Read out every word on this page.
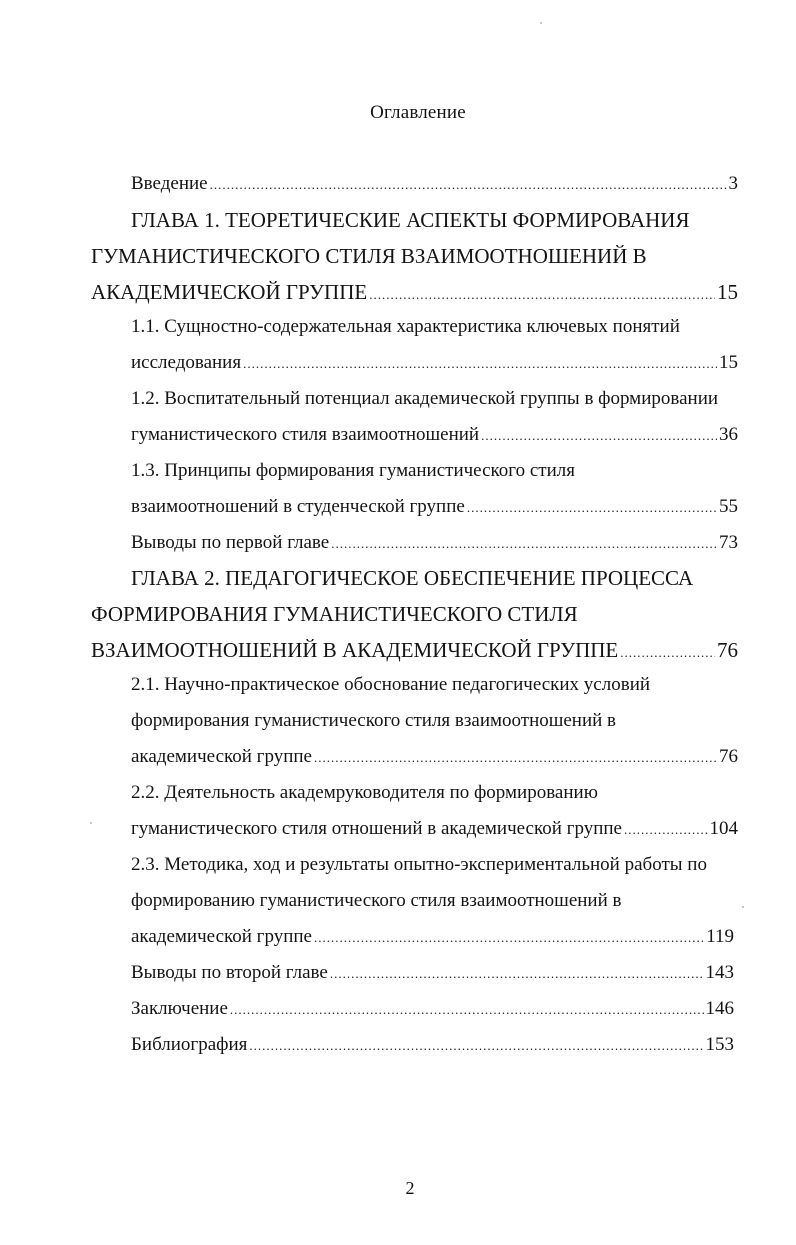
Оглавление
Введение .....	3
ГЛАВА 1. ТЕОРЕТИЧЕСКИЕ АСПЕКТЫ ФОРМИРОВАНИЯ
ГУМАНИСТИЧЕСКОГО СТИЛЯ ВЗАИМООТНОШЕНИЙ В
АКАДЕМИЧЕСКОЙ ГРУППЕ .....	15
1.1. Сущностно-содержательная характеристика ключевых понятий
исследования .....	15
1.2. Воспитательный потенциал академической группы в формировании
гуманистического стиля взаимоотношений .....	36
1.3. Принципы формирования гуманистического стиля
взаимоотношений в студенческой группе .....	55
Выводы по первой главе .....	73
ГЛАВА 2. ПЕДАГОГИЧЕСКОЕ ОБЕСПЕЧЕНИЕ ПРОЦЕССА
ФОРМИРОВАНИЯ ГУМАНИСТИЧЕСКОГО СТИЛЯ
ВЗАИМООТНОШЕНИЙ В АКАДЕМИЧЕСКОЙ ГРУППЕ .....	76
2.1. Научно-практическое обоснование педагогических условий
формирования гуманистического стиля взаимоотношений в
академической группе .....	76
2.2. Деятельность академруководителя по формированию
гуманистического стиля отношений в академической группе .....	104
2.3. Методика, ход и результаты опытно-экспериментальной работы по
формированию гуманистического стиля взаимоотношений в
академической группе .....	119
Выводы по второй главе .....	143
Заключение .....	146
Библиография .....	153
2
